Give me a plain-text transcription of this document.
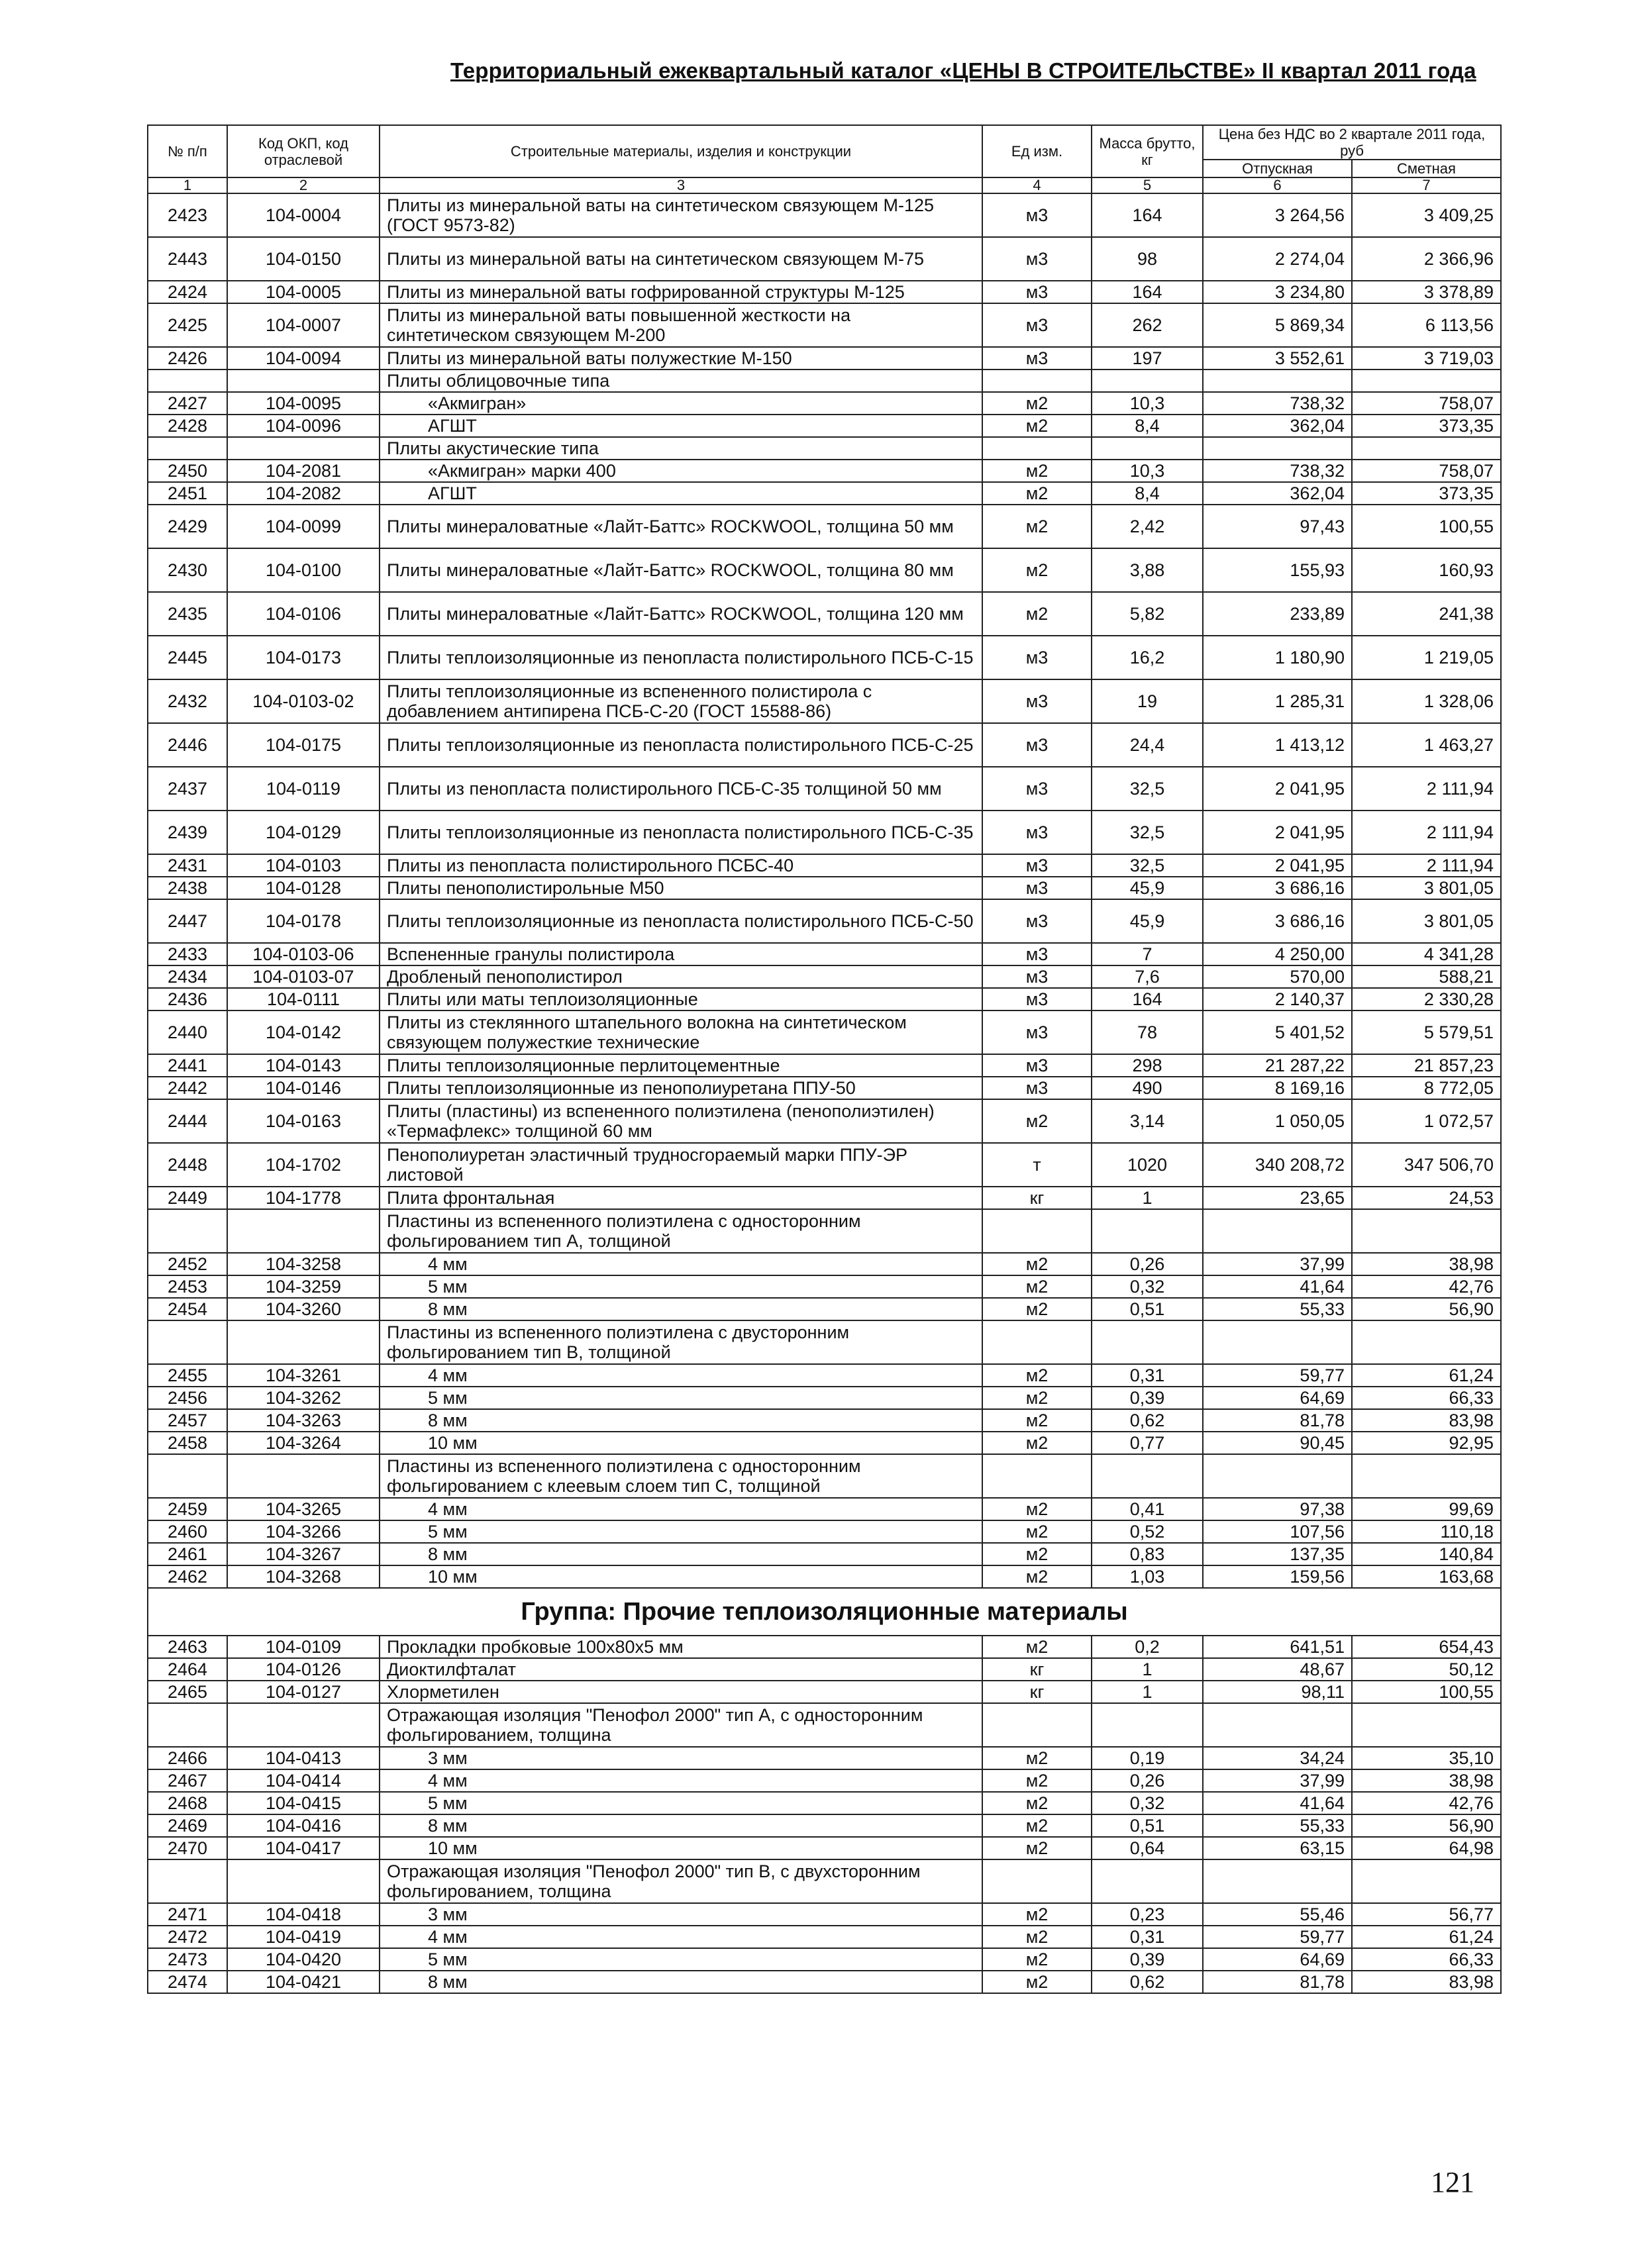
Территориальный ежеквартальный каталог «ЦЕНЫ В СТРОИТЕЛЬСТВЕ» II квартал 2011 года
№ п/п	Код ОКП, код отраслевой	Строительные материалы, изделия и конструкции	Ед изм.	Масса брутто, кг	Цена без НДС во 2 квартале 2011 года, руб	
					Отпускная	Сметная
1	2	3	4	5	6	7
2423	104-0004	Плиты из минеральной ваты на синтетическом связующем М-125 (ГОСТ 9573-82)	м3	164	3 264,56	3 409,25
2443	104-0150	Плиты из минеральной ваты на синтетическом связующем М-75	м3	98	2 274,04	2 366,96
2424	104-0005	Плиты из минеральной ваты гофрированной структуры М-125	м3	164	3 234,80	3 378,89
2425	104-0007	Плиты из минеральной ваты повышенной жесткости на синтетическом связующем М-200	м3	262	5 869,34	6 113,56
2426	104-0094	Плиты из минеральной ваты полужесткие М-150	м3	197	3 552,61	3 719,03
		Плиты облицовочные типа				
2427	104-0095	«Акмигран»	м2	10,3	738,32	758,07
2428	104-0096	АГШТ	м2	8,4	362,04	373,35
		Плиты акустические типа				
2450	104-2081	«Акмигран» марки 400	м2	10,3	738,32	758,07
2451	104-2082	АГШТ	м2	8,4	362,04	373,35
2429	104-0099	Плиты минераловатные «Лайт-Баттс» ROCKWOOL, толщина 50 мм	м2	2,42	97,43	100,55
2430	104-0100	Плиты минераловатные «Лайт-Баттс» ROCKWOOL, толщина 80 мм	м2	3,88	155,93	160,93
2435	104-0106	Плиты минераловатные «Лайт-Баттс» ROCKWOOL, толщина 120 мм	м2	5,82	233,89	241,38
2445	104-0173	Плиты теплоизоляционные из пенопласта полистирольного ПСБ-С-15	м3	16,2	1 180,90	1 219,05
2432	104-0103-02	Плиты теплоизоляционные из вспененного полистирола с добавлением антипирена ПСБ-С-20 (ГОСТ 15588-86)	м3	19	1 285,31	1 328,06
2446	104-0175	Плиты теплоизоляционные из пенопласта полистирольного ПСБ-С-25	м3	24,4	1 413,12	1 463,27
2437	104-0119	Плиты из пенопласта полистирольного ПСБ-С-35 толщиной 50 мм	м3	32,5	2 041,95	2 111,94
2439	104-0129	Плиты теплоизоляционные из пенопласта полистирольного ПСБ-С-35	м3	32,5	2 041,95	2 111,94
2431	104-0103	Плиты из пенопласта полистирольного ПСБС-40	м3	32,5	2 041,95	2 111,94
2438	104-0128	Плиты пенополистирольные М50	м3	45,9	3 686,16	3 801,05
2447	104-0178	Плиты теплоизоляционные из пенопласта полистирольного ПСБ-С-50	м3	45,9	3 686,16	3 801,05
2433	104-0103-06	Вспененные гранулы полистирола	м3	7	4 250,00	4 341,28
2434	104-0103-07	Дробленый пенополистирол	м3	7,6	570,00	588,21
2436	104-0111	Плиты или маты теплоизоляционные	м3	164	2 140,37	2 330,28
2440	104-0142	Плиты из стеклянного штапельного волокна на синтетическом связующем полужесткие технические	м3	78	5 401,52	5 579,51
2441	104-0143	Плиты теплоизоляционные перлитоцементные	м3	298	21 287,22	21 857,23
2442	104-0146	Плиты теплоизоляционные из пенополиуретана ППУ-50	м3	490	8 169,16	8 772,05
2444	104-0163	Плиты (пластины) из вспененного полиэтилена (пенополиэтилен) «Термафлекс» толщиной 60 мм	м2	3,14	1 050,05	1 072,57
2448	104-1702	Пенополиуретан эластичный трудносгораемый марки ППУ-ЭР листовой	т	1020	340 208,72	347 506,70
2449	104-1778	Плита фронтальная	кг	1	23,65	24,53
		Пластины из вспененного полиэтилена с односторонним фольгированием тип А, толщиной				
2452	104-3258	4 мм	м2	0,26	37,99	38,98
2453	104-3259	5 мм	м2	0,32	41,64	42,76
2454	104-3260	8 мм	м2	0,51	55,33	56,90
		Пластины из вспененного полиэтилена с двусторонним фольгированием тип В, толщиной				
2455	104-3261	4 мм	м2	0,31	59,77	61,24
2456	104-3262	5 мм	м2	0,39	64,69	66,33
2457	104-3263	8 мм	м2	0,62	81,78	83,98
2458	104-3264	10 мм	м2	0,77	90,45	92,95
		Пластины из вспененного полиэтилена с односторонним фольгированием с клеевым слоем тип С, толщиной				
2459	104-3265	4 мм	м2	0,41	97,38	99,69
2460	104-3266	5 мм	м2	0,52	107,56	110,18
2461	104-3267	8 мм	м2	0,83	137,35	140,84
2462	104-3268	10 мм	м2	1,03	159,56	163,68
Группа: Прочие теплоизоляционные материалы						
2463	104-0109	Прокладки пробковые 100х80х5 мм	м2	0,2	641,51	654,43
2464	104-0126	Диоктилфталат	кг	1	48,67	50,12
2465	104-0127	Хлорметилен	кг	1	98,11	100,55
		Отражающая изоляция "Пенофол 2000" тип А, с односторонним фольгированием, толщина				
2466	104-0413	3 мм	м2	0,19	34,24	35,10
2467	104-0414	4 мм	м2	0,26	37,99	38,98
2468	104-0415	5 мм	м2	0,32	41,64	42,76
2469	104-0416	8 мм	м2	0,51	55,33	56,90
2470	104-0417	10 мм	м2	0,64	63,15	64,98
		Отражающая изоляция "Пенофол 2000" тип В, с двухсторонним фольгированием, толщина				
2471	104-0418	3 мм	м2	0,23	55,46	56,77
2472	104-0419	4 мм	м2	0,31	59,77	61,24
2473	104-0420	5 мм	м2	0,39	64,69	66,33
2474	104-0421	8 мм	м2	0,62	81,78	83,98
121
